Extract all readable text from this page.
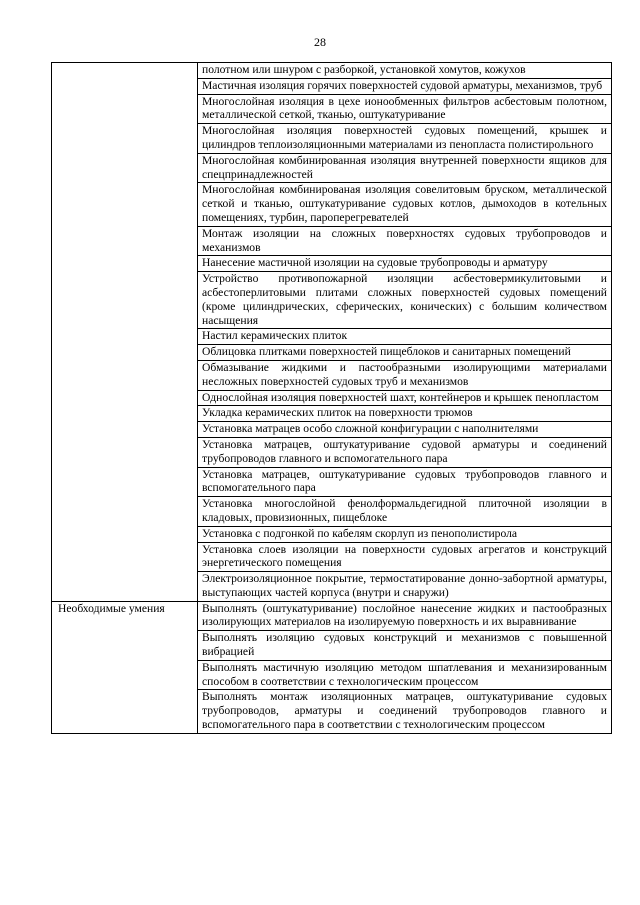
28
	полотном или шнуром с разборкой, установкой хомутов, кожухов
	Мастичная изоляция горячих поверхностей судовой арматуры, механизмов, труб
	Многослойная изоляция в цехе ионообменных фильтров асбестовым полотном, металлической сеткой, тканью, оштукатуривание
	Многослойная изоляция поверхностей судовых помещений, крышек и цилиндров теплоизоляционными материалами из пенопласта полистирольного
	Многослойная комбинированная изоляция внутренней поверхности ящиков для спецпринадлежностей
	Многослойная комбинированая изоляция совелитовым бруском, металлической сеткой и тканью, оштукатуривание судовых котлов, дымоходов в котельных помещениях, турбин, пароперегревателей
	Монтаж изоляции на сложных поверхностях судовых трубопроводов и механизмов
	Нанесение мастичной изоляции на судовые трубопроводы и арматуру
	Устройство противопожарной изоляции асбестовермикулитовыми и асбестоперлитовыми плитами сложных поверхностей судовых помещений (кроме цилиндрических, сферических, конических) с большим количеством насыщения
	Настил керамических плиток
	Облицовка плитками поверхностей пищеблоков и санитарных помещений
	Обмазывание жидкими и пастообразными изолирующими материалами несложных поверхностей судовых труб и механизмов
	Однослойная изоляция поверхностей шахт, контейнеров и крышек пенопластом
	Укладка керамических плиток на поверхности трюмов
	Установка матрацев особо сложной конфигурации с наполнителями
	Установка матрацев, оштукатуривание судовой арматуры и соединений трубопроводов главного и вспомогательного пара
	Установка матрацев, оштукатуривание судовых трубопроводов главного и вспомогательного пара
	Установка многослойной фенолформальдегидной плиточной изоляции в кладовых, провизионных, пищеблоке
	Установка с подгонкой по кабелям скорлуп из пенополистирола
	Установка слоев изоляции на поверхности судовых агрегатов и конструкций энергетического помещения
	Электроизоляционное покрытие, термостатирование донно-забортной арматуры, выступающих частей корпуса (внутри и снаружи)
Необходимые умения	Выполнять (оштукатуривание) послойное нанесение жидких и пастообразных изолирующих материалов на изолируемую поверхность и их выравнивание
	Выполнять изоляцию судовых конструкций и механизмов с повышенной вибрацией
	Выполнять мастичную изоляцию методом шпатлевания и механизированным способом в соответствии с технологическим процессом
	Выполнять монтаж изоляционных матрацев, оштукатуривание судовых трубопроводов, арматуры и соединений трубопроводов главного и вспомогательного пара в соответствии с технологическим процессом
